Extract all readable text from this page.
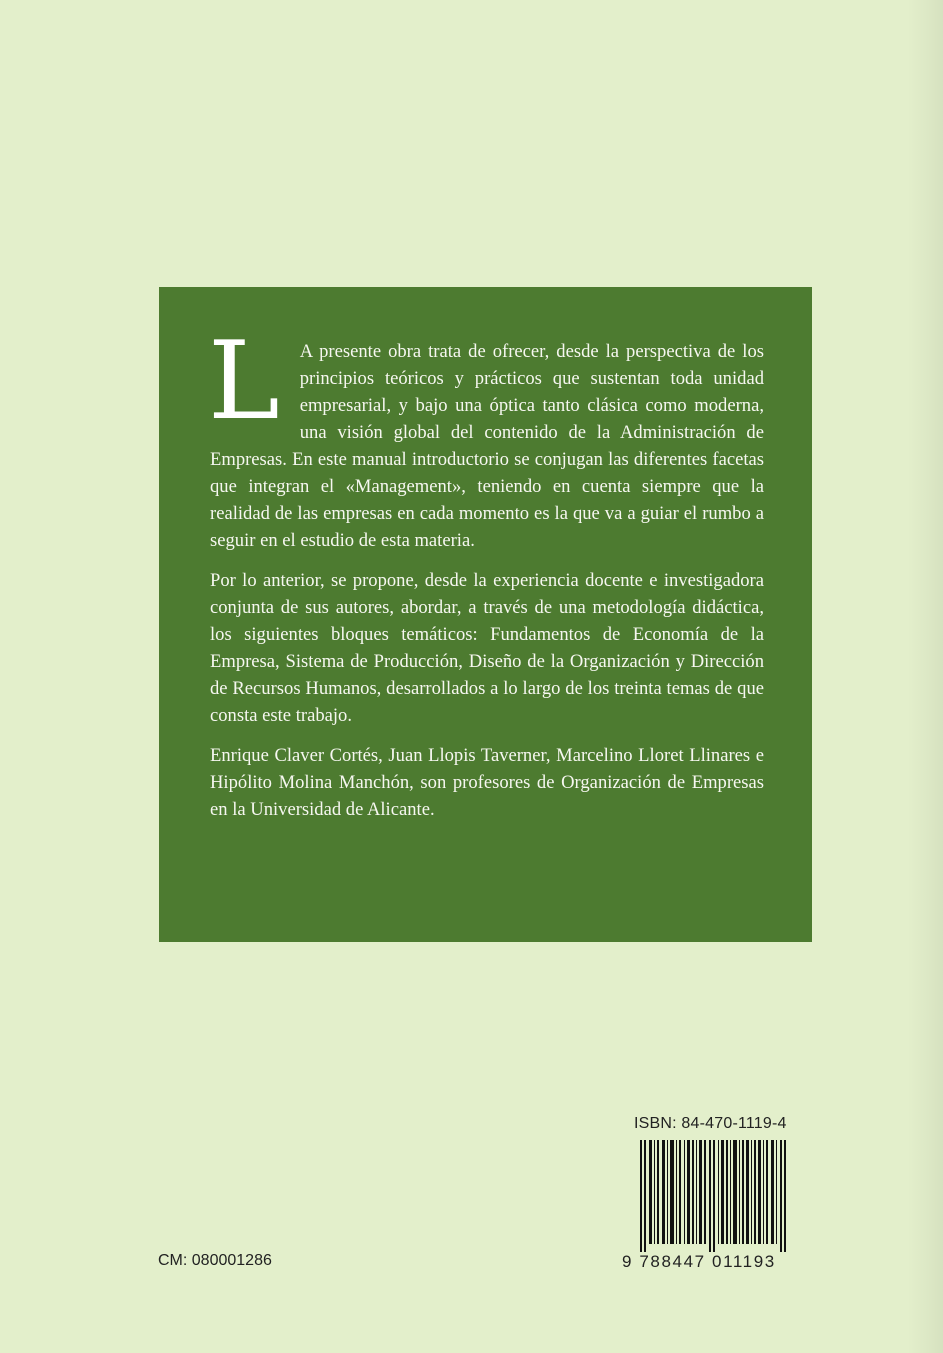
L	A presente obra trata de ofrecer, desde la perspectiva de los principios teóricos y prácticos que sustentan toda unidad empresarial, y bajo una óptica tanto clásica como moderna, una visión global del contenido de la Administración de Empresas. En este manual introductorio se conjugan las diferentes facetas que integran el «Management», teniendo en cuenta siempre que la realidad de las empresas en cada momento es la que va a guiar el rumbo a seguir en el estudio de esta materia.

Por lo anterior, se propone, desde la experiencia docente e investigadora conjunta de sus autores, abordar, a través de una metodología didáctica, los siguientes bloques temáticos: Fundamentos de Economía de la Empresa, Sistema de Producción, Diseño de la Organización y Dirección de Recursos Humanos, desarrollados a lo largo de los treinta temas de que consta este trabajo.

Enrique Claver Cortés, Juan Llopis Taverner, Marcelino Lloret Llinares e Hipólito Molina Manchón, son profesores de Organización de Empresas en la Universidad de Alicante.

ISBN: 84-470-1119-4
9 788447 011193
CM: 080001286
